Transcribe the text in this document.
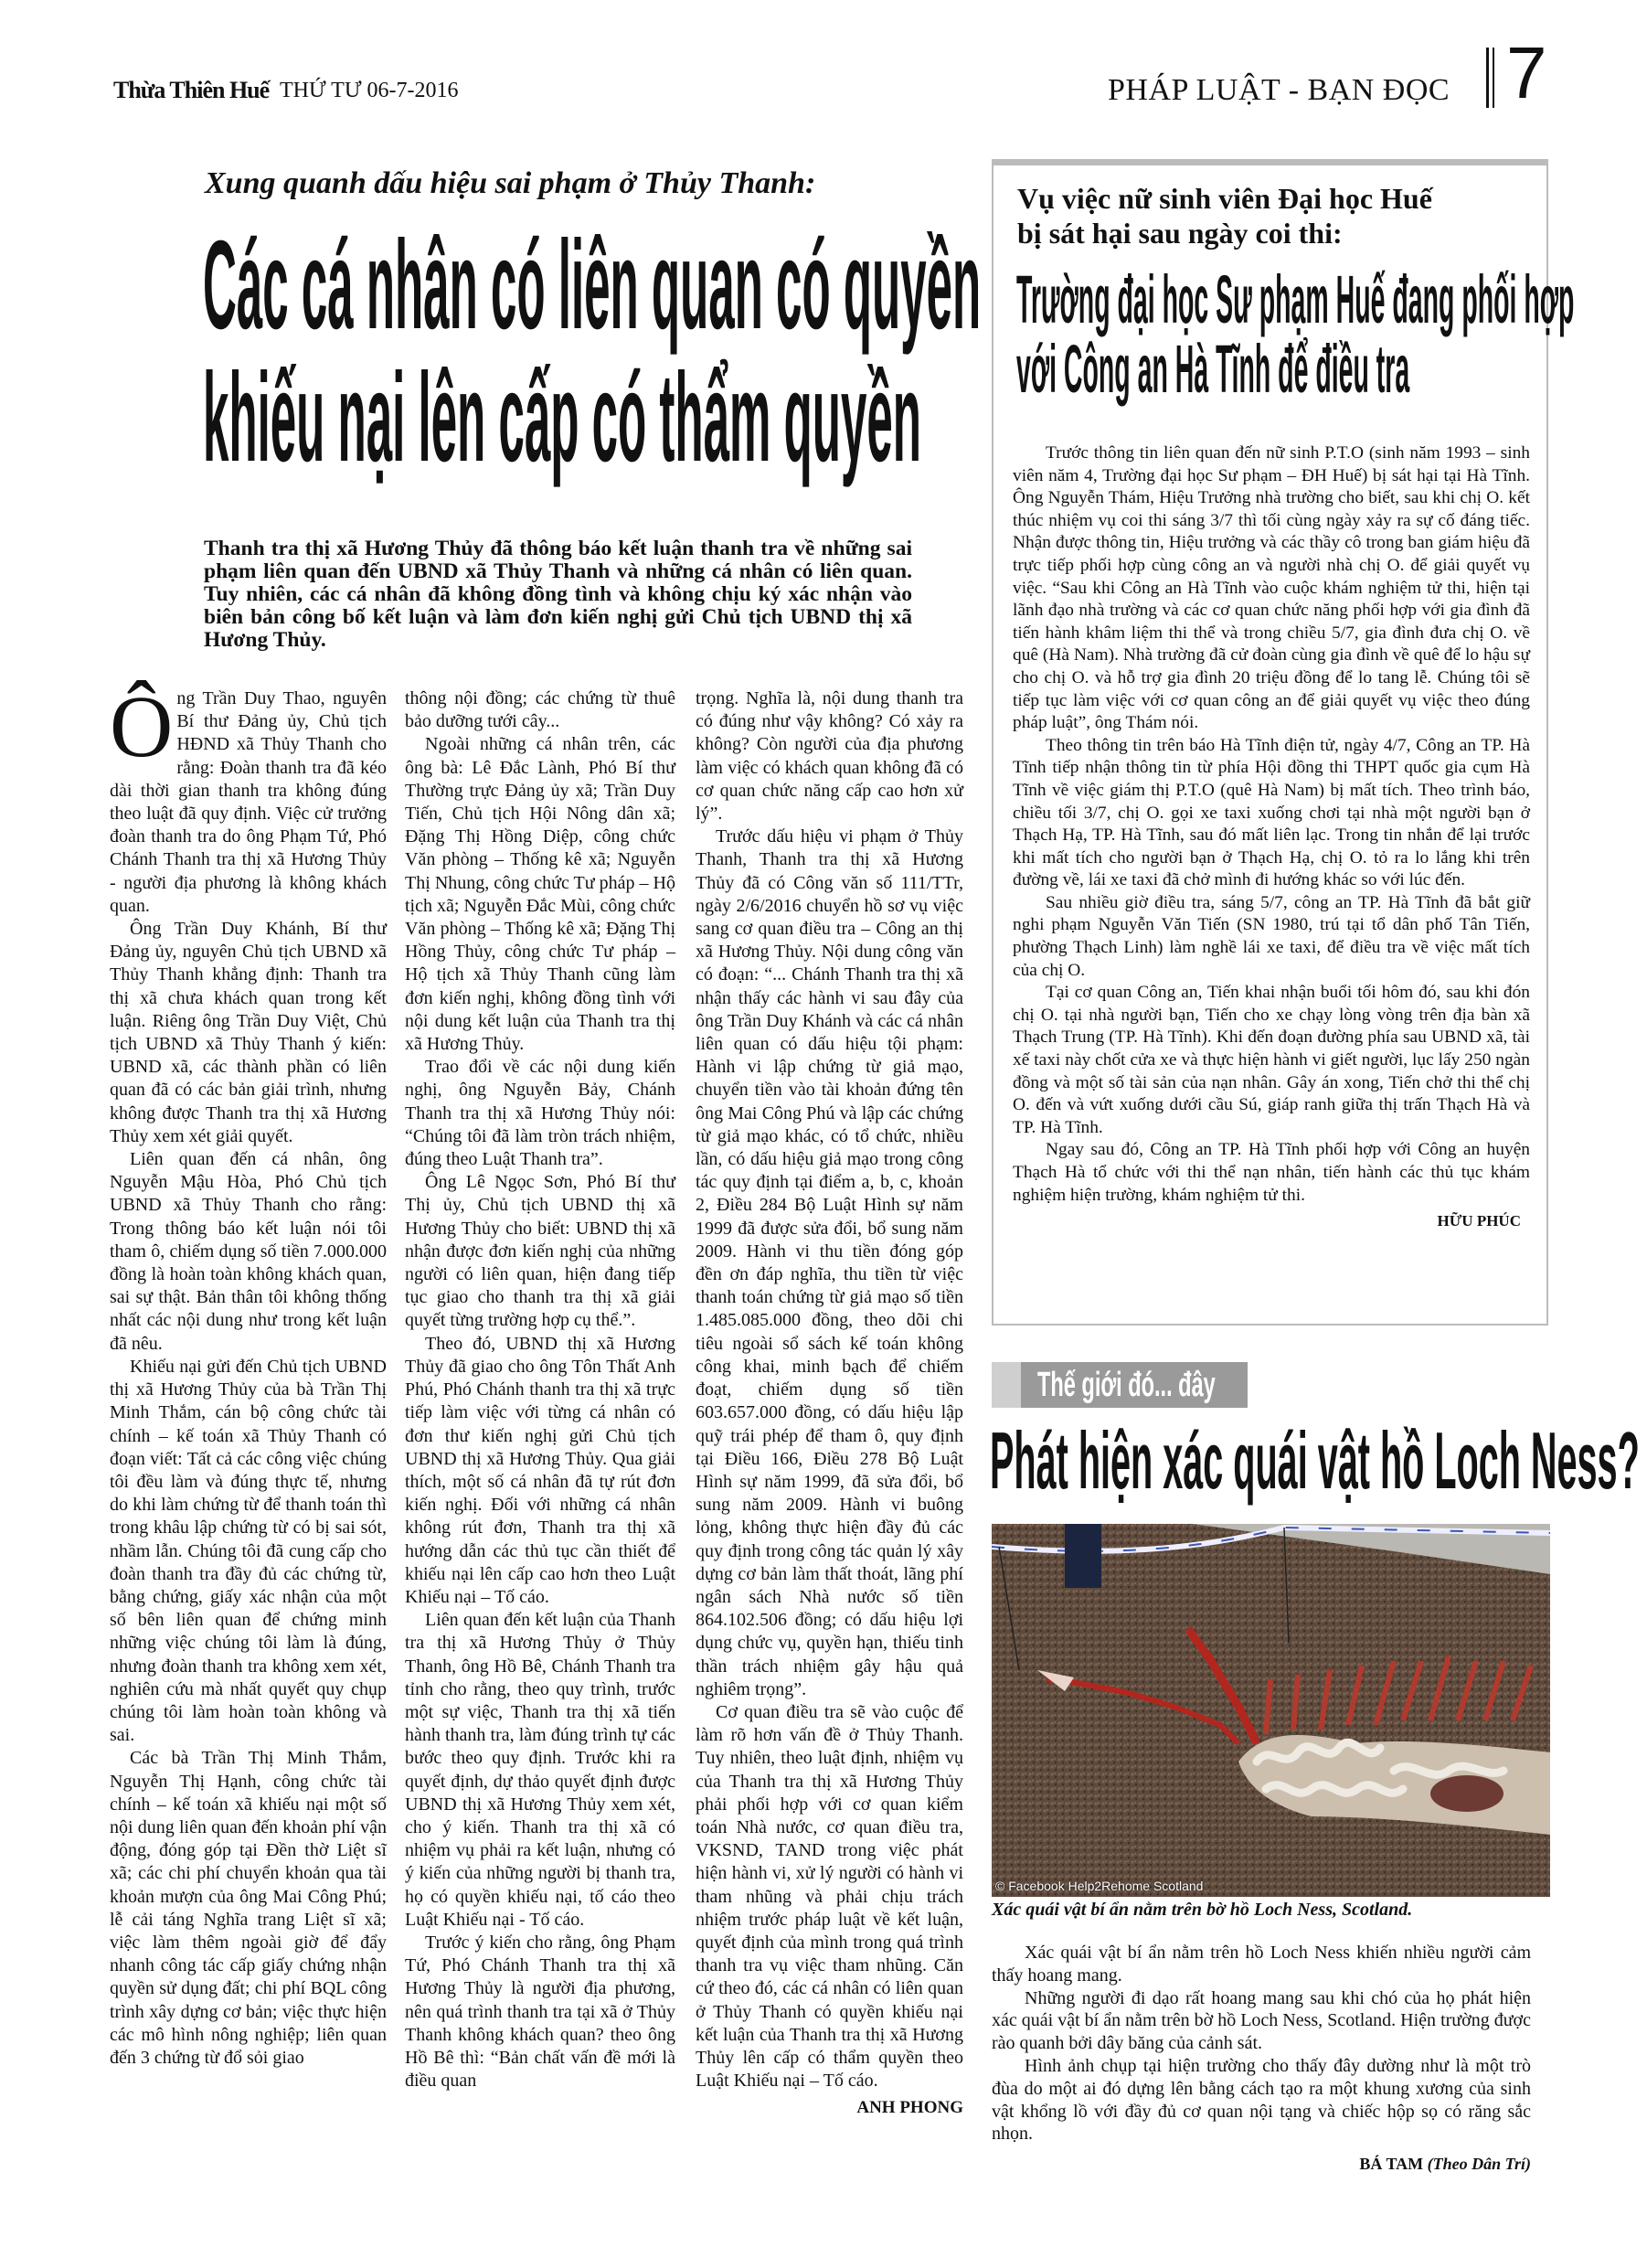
Thừa Thiên Huế THỨ TƯ 06-7-2016	PHÁP LUẬT - BẠN ĐỌC 7
Xung quanh dấu hiệu sai phạm ở Thủy Thanh:
Các cá nhân có liên quan có quyền
khiếu nại lên cấp có thẩm quyền
Thanh tra thị xã Hương Thủy đã thông báo kết luận thanh tra về những sai phạm liên quan đến UBND xã Thủy Thanh và những cá nhân có liên quan. Tuy nhiên, các cá nhân đã không đồng tình và không chịu ký xác nhận vào biên bản công bố kết luận và làm đơn kiến nghị gửi Chủ tịch UBND thị xã Hương Thủy.

Ông Trần Duy Thao, nguyên Bí thư Đảng ủy, Chủ tịch HĐND xã Thủy Thanh cho rằng: Đoàn thanh tra đã kéo dài thời gian thanh tra không đúng theo luật đã quy định. Việc cử trưởng đoàn thanh tra do ông Phạm Tứ, Phó Chánh Thanh tra thị xã Hương Thủy - người địa phương là không khách quan.

Ông Trần Duy Khánh, Bí thư Đảng ủy, nguyên Chủ tịch UBND xã Thủy Thanh khẳng định: Thanh tra thị xã chưa khách quan trong kết luận. Riêng ông Trần Duy Việt, Chủ tịch UBND xã Thủy Thanh ý kiến: UBND xã, các thành phần có liên quan đã có các bản giải trình, nhưng không được Thanh tra thị xã Hương Thủy xem xét giải quyết.

Liên quan đến cá nhân, ông Nguyễn Mậu Hòa, Phó Chủ tịch UBND xã Thủy Thanh cho rằng: Trong thông báo kết luận nói tôi tham ô, chiếm dụng số tiền 7.000.000 đồng là hoàn toàn không khách quan, sai sự thật. Bản thân tôi không thống nhất các nội dung như trong kết luận đã nêu.

Khiếu nại gửi đến Chủ tịch UBND thị xã Hương Thủy của bà Trần Thị Minh Thắm, cán bộ công chức tài chính – kế toán xã Thủy Thanh có đoạn viết: Tất cả các công việc chúng tôi đều làm và đúng thực tế, nhưng do khi làm chứng từ để thanh toán thì trong khâu lập chứng từ có bị sai sót, nhầm lẫn. Chúng tôi đã cung cấp cho đoàn thanh tra đầy đủ các chứng từ, bằng chứng, giấy xác nhận của một số bên liên quan để chứng minh những việc chúng tôi làm là đúng, nhưng đoàn thanh tra không xem xét, nghiên cứu mà nhất quyết quy chụp chúng tôi làm hoàn toàn không và sai.

Các bà Trần Thị Minh Thắm, Nguyễn Thị Hạnh, công chức tài chính – kế toán xã khiếu nại một số nội dung liên quan đến khoản phí vận động, đóng góp tại Đền thờ Liệt sĩ xã; các chi phí chuyển khoản qua tài khoản mượn của ông Mai Công Phú; lễ cải táng Nghĩa trang Liệt sĩ xã; việc làm thêm ngoài giờ để đẩy nhanh công tác cấp giấy chứng nhận quyền sử dụng đất; chi phí BQL công trình xây dựng cơ bản; việc thực hiện các mô hình nông nghiệp; liên quan đến 3 chứng từ đổ sỏi giao

thông nội đồng; các chứng từ thuê bảo dưỡng tưới cây...

Ngoài những cá nhân trên, các ông bà: Lê Đắc Lành, Phó Bí thư Thường trực Đảng ủy xã; Trần Duy Tiến, Chủ tịch Hội Nông dân xã; Đặng Thị Hồng Diệp, công chức Văn phòng – Thống kê xã; Nguyễn Thị Nhung, công chức Tư pháp – Hộ tịch xã; Nguyễn Đắc Mùi, công chức Văn phòng – Thống kê xã; Đặng Thị Hồng Thủy, công chức Tư pháp – Hộ tịch xã Thủy Thanh cũng làm đơn kiến nghị, không đồng tình với nội dung kết luận của Thanh tra thị xã Hương Thủy.

Trao đổi về các nội dung kiến nghị, ông Nguyễn Bảy, Chánh Thanh tra thị xã Hương Thủy nói: “Chúng tôi đã làm tròn trách nhiệm, đúng theo Luật Thanh tra”.

Ông Lê Ngọc Sơn, Phó Bí thư Thị ủy, Chủ tịch UBND thị xã Hương Thủy cho biết: UBND thị xã nhận được đơn kiến nghị của những người có liên quan, hiện đang tiếp tục giao cho thanh tra thị xã giải quyết từng trường hợp cụ thể.”.

Theo đó, UBND thị xã Hương Thủy đã giao cho ông Tôn Thất Anh Phú, Phó Chánh thanh tra thị xã trực tiếp làm việc với từng cá nhân có đơn thư kiến nghị gửi Chủ tịch UBND thị xã Hương Thủy. Qua giải thích, một số cá nhân đã tự rút đơn kiến nghị. Đối với những cá nhân không rút đơn, Thanh tra thị xã hướng dẫn các thủ tục cần thiết để khiếu nại lên cấp cao hơn theo Luật Khiếu nại – Tố cáo.

Liên quan đến kết luận của Thanh tra thị xã Hương Thủy ở Thủy Thanh, ông Hồ Bê, Chánh Thanh tra tỉnh cho rằng, theo quy trình, trước một sự việc, Thanh tra thị xã tiến hành thanh tra, làm đúng trình tự các bước theo quy định. Trước khi ra quyết định, dự thảo quyết định được UBND thị xã Hương Thủy xem xét, cho ý kiến. Thanh tra thị xã có nhiệm vụ phải ra kết luận, nhưng có ý kiến của những người bị thanh tra, họ có quyền khiếu nại, tố cáo theo Luật Khiếu nại - Tố cáo.

Trước ý kiến cho rằng, ông Phạm Tứ, Phó Chánh Thanh tra thị xã Hương Thủy là người địa phương, nên quá trình thanh tra tại xã ở Thủy Thanh không khách quan? theo ông Hồ Bê thì: “Bản chất vấn đề mới là điều quan

trọng. Nghĩa là, nội dung thanh tra có đúng như vậy không? Có xảy ra không? Còn người của địa phương làm việc có khách quan không đã có cơ quan chức năng cấp cao hơn xử lý”.

Trước dấu hiệu vi phạm ở Thủy Thanh, Thanh tra thị xã Hương Thủy đã có Công văn số 111/TTr, ngày 2/6/2016 chuyển hồ sơ vụ việc sang cơ quan điều tra – Công an thị xã Hương Thủy. Nội dung công văn có đoạn: “... Chánh Thanh tra thị xã nhận thấy các hành vi sau đây của ông Trần Duy Khánh và các cá nhân liên quan có dấu hiệu tội phạm: Hành vi lập chứng từ giả mạo, chuyển tiền vào tài khoản đứng tên ông Mai Công Phú và lập các chứng từ giả mạo khác, có tổ chức, nhiều lần, có dấu hiệu giả mạo trong công tác quy định tại điểm a, b, c, khoản 2, Điều 284 Bộ Luật Hình sự năm 1999 đã được sửa đổi, bổ sung năm 2009. Hành vi thu tiền đóng góp đền ơn đáp nghĩa, thu tiền từ việc thanh toán chứng từ giả mạo số tiền 1.485.085.000 đồng, theo dõi chi tiêu ngoài sổ sách kế toán không công khai, minh bạch để chiếm đoạt, chiếm dụng số tiền 603.657.000 đồng, có dấu hiệu lập quỹ trái phép để tham ô, quy định tại Điều 166, Điều 278 Bộ Luật Hình sự năm 1999, đã sửa đổi, bổ sung năm 2009. Hành vi buông lỏng, không thực hiện đầy đủ các quy định trong công tác quản lý xây dựng cơ bản làm thất thoát, lãng phí ngân sách Nhà nước số tiền 864.102.506 đồng; có dấu hiệu lợi dụng chức vụ, quyền hạn, thiếu tinh thần trách nhiệm gây hậu quả nghiêm trọng”.

Cơ quan điều tra sẽ vào cuộc để làm rõ hơn vấn đề ở Thủy Thanh. Tuy nhiên, theo luật định, nhiệm vụ của Thanh tra thị xã Hương Thủy phải phối hợp với cơ quan kiểm toán Nhà nước, cơ quan điều tra, VKSND, TAND trong việc phát hiện hành vi, xử lý người có hành vi tham nhũng và phải chịu trách nhiệm trước pháp luật về kết luận, quyết định của mình trong quá trình thanh tra vụ việc tham nhũng. Căn cứ theo đó, các cá nhân có liên quan ở Thủy Thanh có quyền khiếu nại kết luận của Thanh tra thị xã Hương Thủy lên cấp có thẩm quyền theo Luật Khiếu nại – Tố cáo.

ANH PHONG
Vụ việc nữ sinh viên Đại học Huế
bị sát hại sau ngày coi thi:
Trường đại học Sư phạm Huế đang phối hợp
với Công an Hà Tĩnh để điều tra

Trước thông tin liên quan đến nữ sinh P.T.O (sinh năm 1993 – sinh viên năm 4, Trường đại học Sư phạm – ĐH Huế) bị sát hại tại Hà Tĩnh. Ông Nguyễn Thám, Hiệu Trưởng nhà trường cho biết, sau khi chị O. kết thúc nhiệm vụ coi thi sáng 3/7 thì tối cùng ngày xảy ra sự cố đáng tiếc. Nhận được thông tin, Hiệu trưởng và các thầy cô trong ban giám hiệu đã trực tiếp phối hợp cùng công an và người nhà chị O. để giải quyết vụ việc. “Sau khi Công an Hà Tĩnh vào cuộc khám nghiệm tử thi, hiện tại lãnh đạo nhà trường và các cơ quan chức năng phối hợp với gia đình đã tiến hành khâm liệm thi thể và trong chiều 5/7, gia đình đưa chị O. về quê (Hà Nam). Nhà trường đã cử đoàn cùng gia đình về quê để lo hậu sự cho chị O. và hỗ trợ gia đình 20 triệu đồng để lo tang lễ. Chúng tôi sẽ tiếp tục làm việc với cơ quan công an để giải quyết vụ việc theo đúng pháp luật”, ông Thám nói.

Theo thông tin trên báo Hà Tĩnh điện tử, ngày 4/7, Công an TP. Hà Tĩnh tiếp nhận thông tin từ phía Hội đồng thi THPT quốc gia cụm Hà Tĩnh về việc giám thị P.T.O (quê Hà Nam) bị mất tích. Theo trình báo, chiều tối 3/7, chị O. gọi xe taxi xuống chơi tại nhà một người bạn ở Thạch Hạ, TP. Hà Tĩnh, sau đó mất liên lạc. Trong tin nhắn để lại trước khi mất tích cho người bạn ở Thạch Hạ, chị O. tỏ ra lo lắng khi trên đường về, lái xe taxi đã chở mình đi hướng khác so với lúc đến.

Sau nhiều giờ điều tra, sáng 5/7, công an TP. Hà Tĩnh đã bắt giữ nghi phạm Nguyễn Văn Tiến (SN 1980, trú tại tổ dân phố Tân Tiến, phường Thạch Linh) làm nghề lái xe taxi, để điều tra về việc mất tích của chị O.

Tại cơ quan Công an, Tiến khai nhận buổi tối hôm đó, sau khi đón chị O. tại nhà người bạn, Tiến cho xe chạy lòng vòng trên địa bàn xã Thạch Trung (TP. Hà Tĩnh). Khi đến đoạn đường phía sau UBND xã, tài xế taxi này chốt cửa xe và thực hiện hành vi giết người, lục lấy 250 ngàn đồng và một số tài sản của nạn nhân. Gây án xong, Tiến chở thi thể chị O. đến và vứt xuống dưới cầu Sú, giáp ranh giữa thị trấn Thạch Hà và TP. Hà Tĩnh.

Ngay sau đó, Công an TP. Hà Tĩnh phối hợp với Công an huyện Thạch Hà tổ chức với thi thể nạn nhân, tiến hành các thủ tục khám nghiệm hiện trường, khám nghiệm tử thi.

HỮU PHÚC
Thế giới đó... đây
Phát hiện xác quái vật hồ Loch Ness?
© Facebook Help2Rehome Scotland
Xác quái vật bí ẩn nằm trên bờ hồ Loch Ness, Scotland.

Xác quái vật bí ẩn nằm trên hồ Loch Ness khiến nhiều người cảm thấy hoang mang.

Những người đi dạo rất hoang mang sau khi chó của họ phát hiện xác quái vật bí ẩn nằm trên bờ hồ Loch Ness, Scotland. Hiện trường được rào quanh bởi dây băng của cảnh sát.

Hình ảnh chụp tại hiện trường cho thấy đây dường như là một trò đùa do một ai đó dựng lên bằng cách tạo ra một khung xương của sinh vật khổng lồ với đầy đủ cơ quan nội tạng và chiếc hộp sọ có răng sắc nhọn.

BÁ TAM (Theo Dân Trí)
